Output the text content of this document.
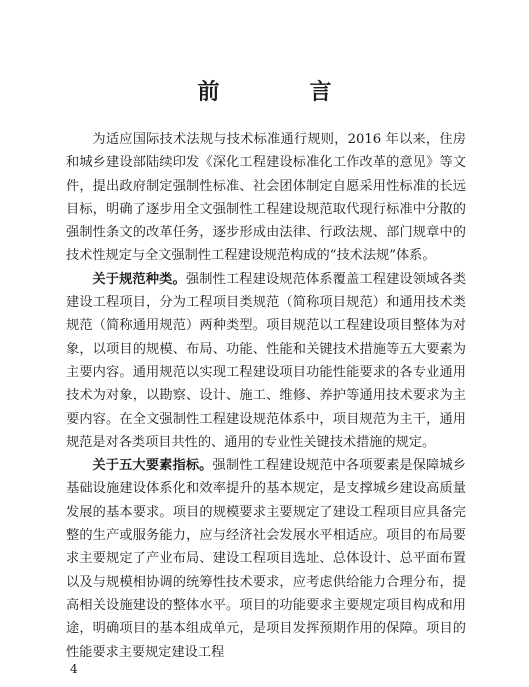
前　言

为适应国际技术法规与技术标准通行规则，2016 年以来，住房和城乡建设部陆续印发《深化工程建设标准化工作改革的意见》等文件，提出政府制定强制性标准、社会团体制定自愿采用性标准的长远目标，明确了逐步用全文强制性工程建设规范取代现行标准中分散的强制性条文的改革任务，逐步形成由法律、行政法规、部门规章中的技术性规定与全文强制性工程建设规范构成的“技术法规”体系。

关于规范种类。强制性工程建设规范体系覆盖工程建设领域各类建设工程项目，分为工程项目类规范（简称项目规范）和通用技术类规范（简称通用规范）两种类型。项目规范以工程建设项目整体为对象，以项目的规模、布局、功能、性能和关键技术措施等五大要素为主要内容。通用规范以实现工程建设项目功能性能要求的各专业通用技术为对象，以勘察、设计、施工、维修、养护等通用技术要求为主要内容。在全文强制性工程建设规范体系中，项目规范为主干，通用规范是对各类项目共性的、通用的专业性关键技术措施的规定。

关于五大要素指标。强制性工程建设规范中各项要素是保障城乡基础设施建设体系化和效率提升的基本规定，是支撑城乡建设高质量发展的基本要求。项目的规模要求主要规定了建设工程项目应具备完整的生产或服务能力，应与经济社会发展水平相适应。项目的布局要求主要规定了产业布局、建设工程项目选址、总体设计、总平面布置以及与规模相协调的统筹性技术要求，应考虑供给能力合理分布，提高相关设施建设的整体水平。项目的功能要求主要规定项目构成和用途，明确项目的基本组成单元，是项目发挥预期作用的保障。项目的性能要求主要规定建设工程

4
